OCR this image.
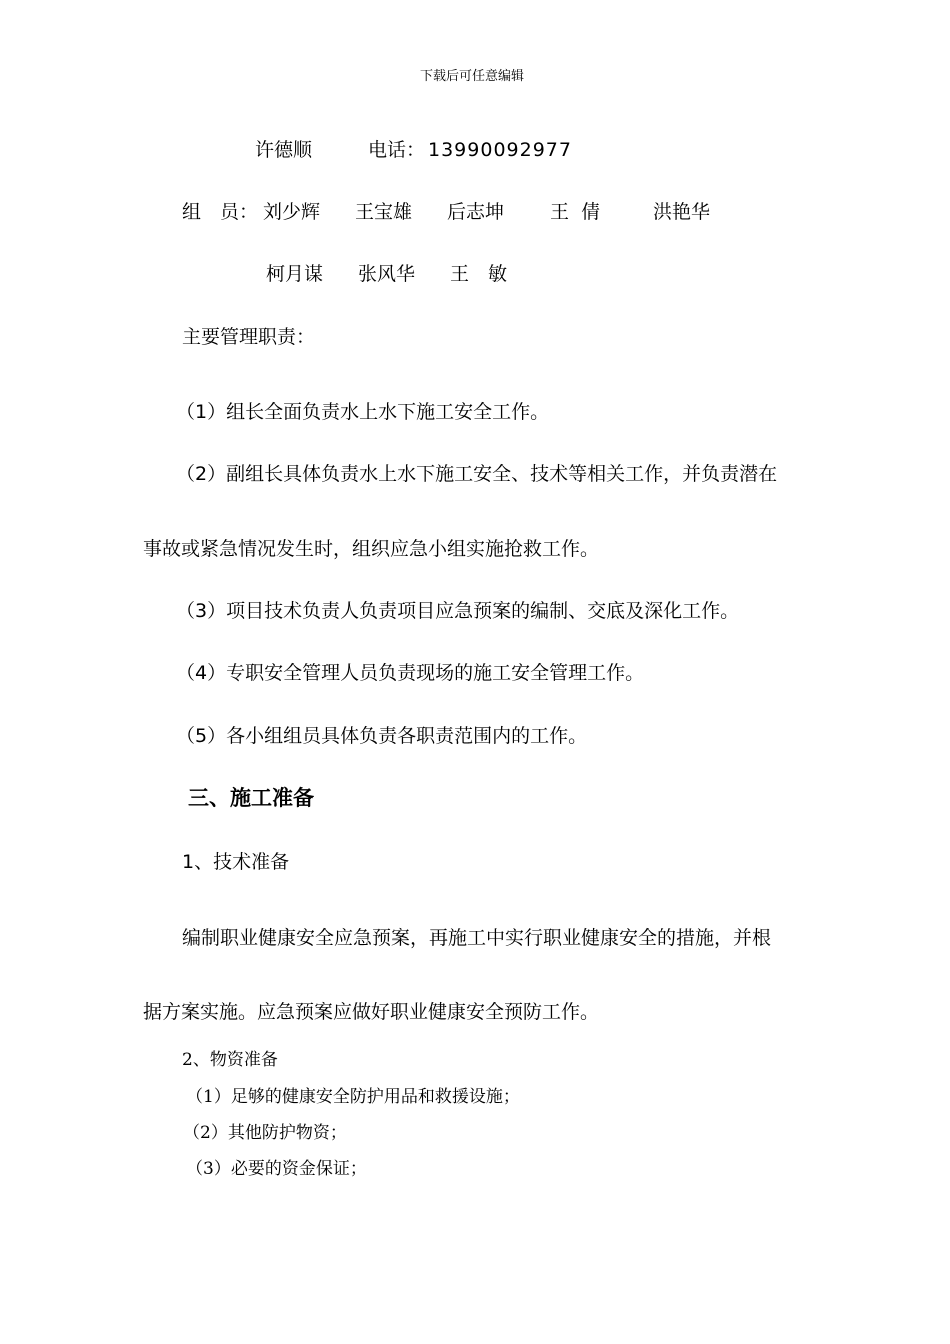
下载后可任意编辑
许德顺	电话： 13990092977
组　员： 刘少辉 王宝雄 后志坤 王  倩	洪艳华
柯月谋 张风华 王　敏
主要管理职责：
（1）组长全面负责水上水下施工安全工作。
（2）副组长具体负责水上水下施工安全、技术等相关工作，并负责潜在
事故或紧急情况发生时，组织应急小组实施抢救工作。
（3）项目技术负责人负责项目应急预案的编制、交底及深化工作。
（4）专职安全管理人员负责现场的施工安全管理工作。
（5）各小组组员具体负责各职责范围内的工作。
三、施工准备
1、技术准备
编制职业健康安全应急预案，再施工中实行职业健康安全的措施，并根
据方案实施。应急预案应做好职业健康安全预防工作。
2、物资准备
（1）足够的健康安全防护用品和救援设施；
（2）其他防护物资；
（3）必要的资金保证；
